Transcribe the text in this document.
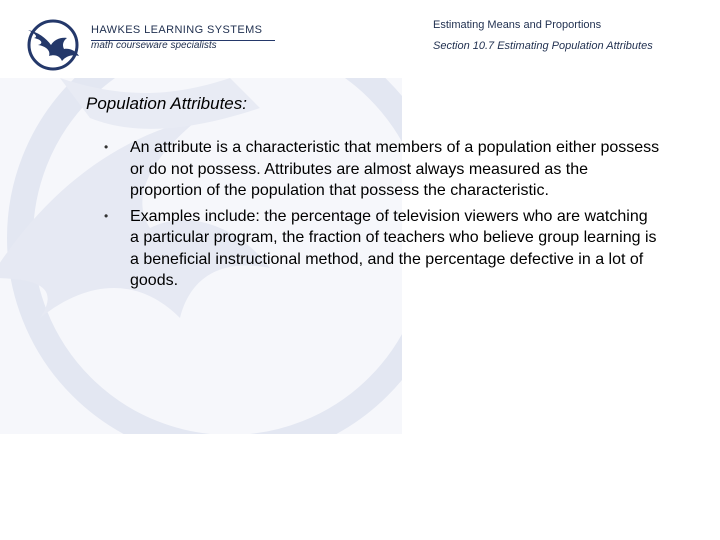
HAWKES LEARNING SYSTEMS
math courseware specialists
Estimating Means and Proportions
Section 10.7 Estimating Population Attributes
Population Attributes:
• An attribute is a characteristic that members of a population either possess or do not possess. Attributes are almost always measured as the proportion of the population that possess the characteristic.
• Examples include: the percentage of television viewers who are watching a particular program, the fraction of teachers who believe group learning is a beneficial instructional method, and the percentage defective in a lot of goods.
